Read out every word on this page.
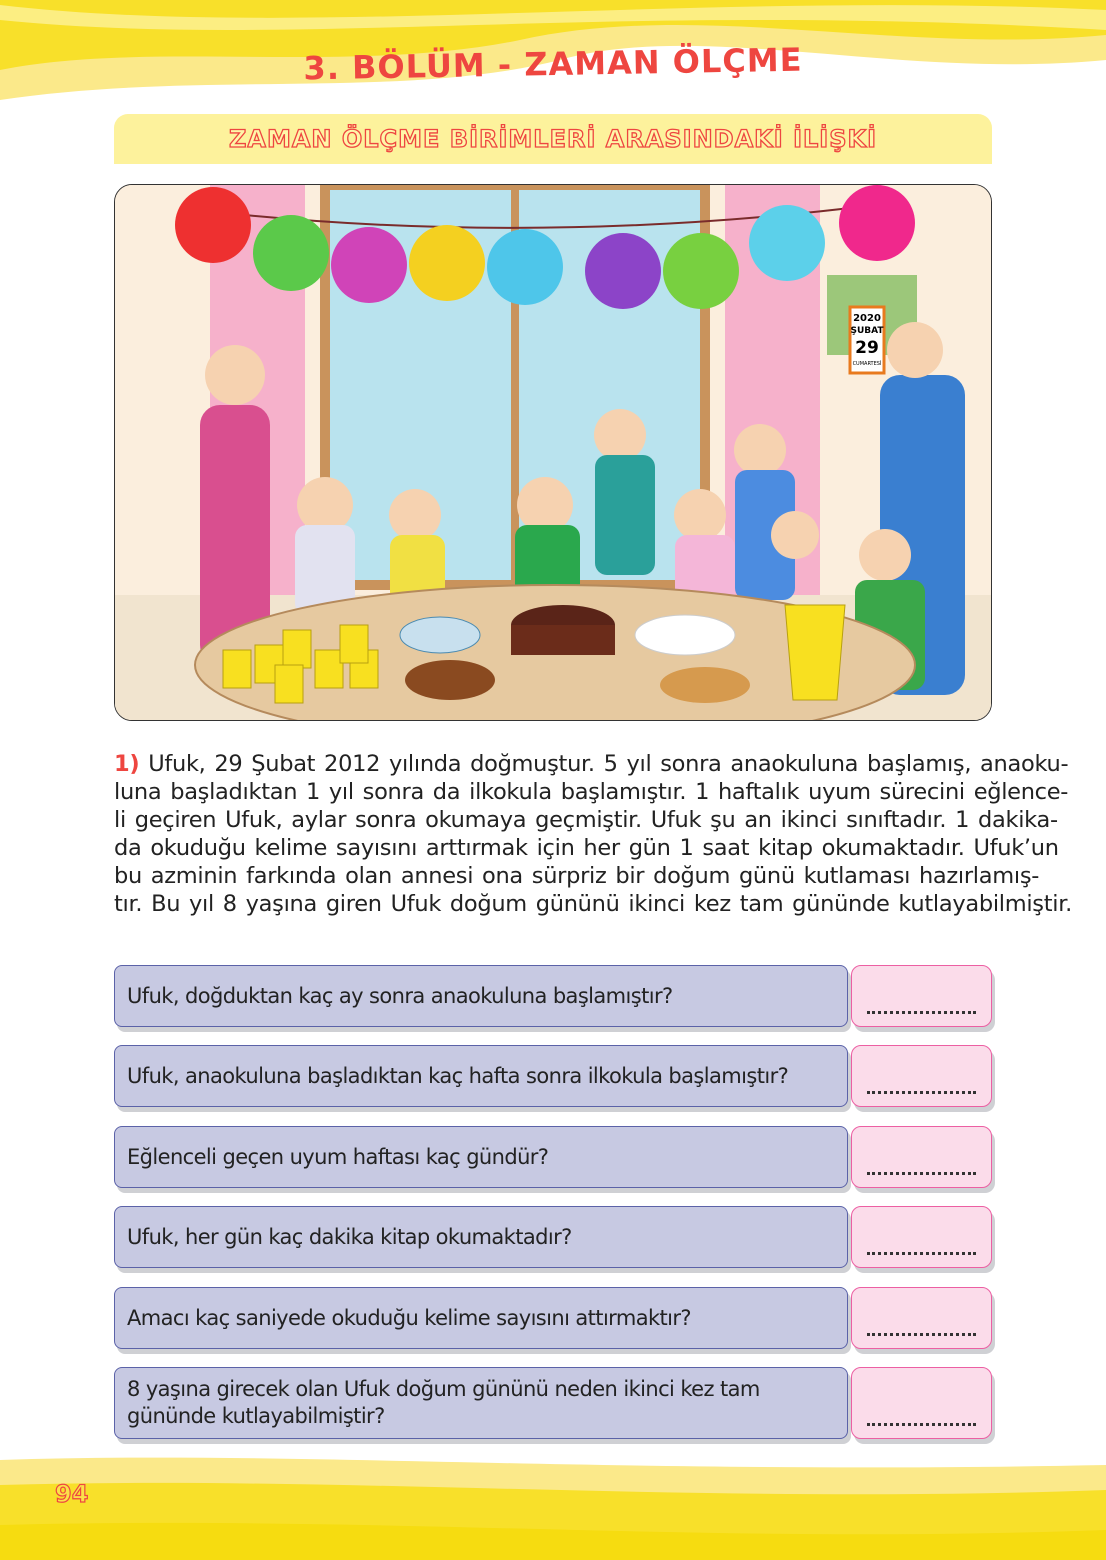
3. BÖLÜM - ZAMAN ÖLÇME
ZAMAN ÖLÇME BİRİMLERİ ARASINDAKİ İLİŞKİ
2020
ŞUBAT
29
CUMARTESİ
1) Ufuk, 29 Şubat 2012 yılında doğmuştur. 5 yıl sonra anaokuluna başlamış, anaoku-
luna başladıktan 1 yıl sonra da ilkokula başlamıştır. 1 haftalık uyum sürecini eğlence-
li geçiren Ufuk, aylar sonra okumaya geçmiştir. Ufuk şu an ikinci sınıftadır. 1 dakika-
da okuduğu kelime sayısını arttırmak için her gün 1 saat kitap okumaktadır. Ufuk’un
bu azminin farkında olan annesi ona sürpriz bir doğum günü kutlaması hazırlamış-
tır. Bu yıl 8 yaşına giren Ufuk doğum gününü ikinci kez tam gününde kutlayabilmiştir.
Ufuk, doğduktan kaç ay sonra anaokuluna başlamıştır?
Ufuk, anaokuluna başladıktan kaç hafta sonra ilkokula başlamıştır?
Eğlenceli geçen uyum haftası kaç gündür?
Ufuk, her gün kaç dakika kitap okumaktadır?
Amacı kaç saniyede okuduğu kelime sayısını attırmaktır?
8 yaşına girecek olan Ufuk doğum gününü neden ikinci kez tam gününde kutlayabilmiştir?
94
